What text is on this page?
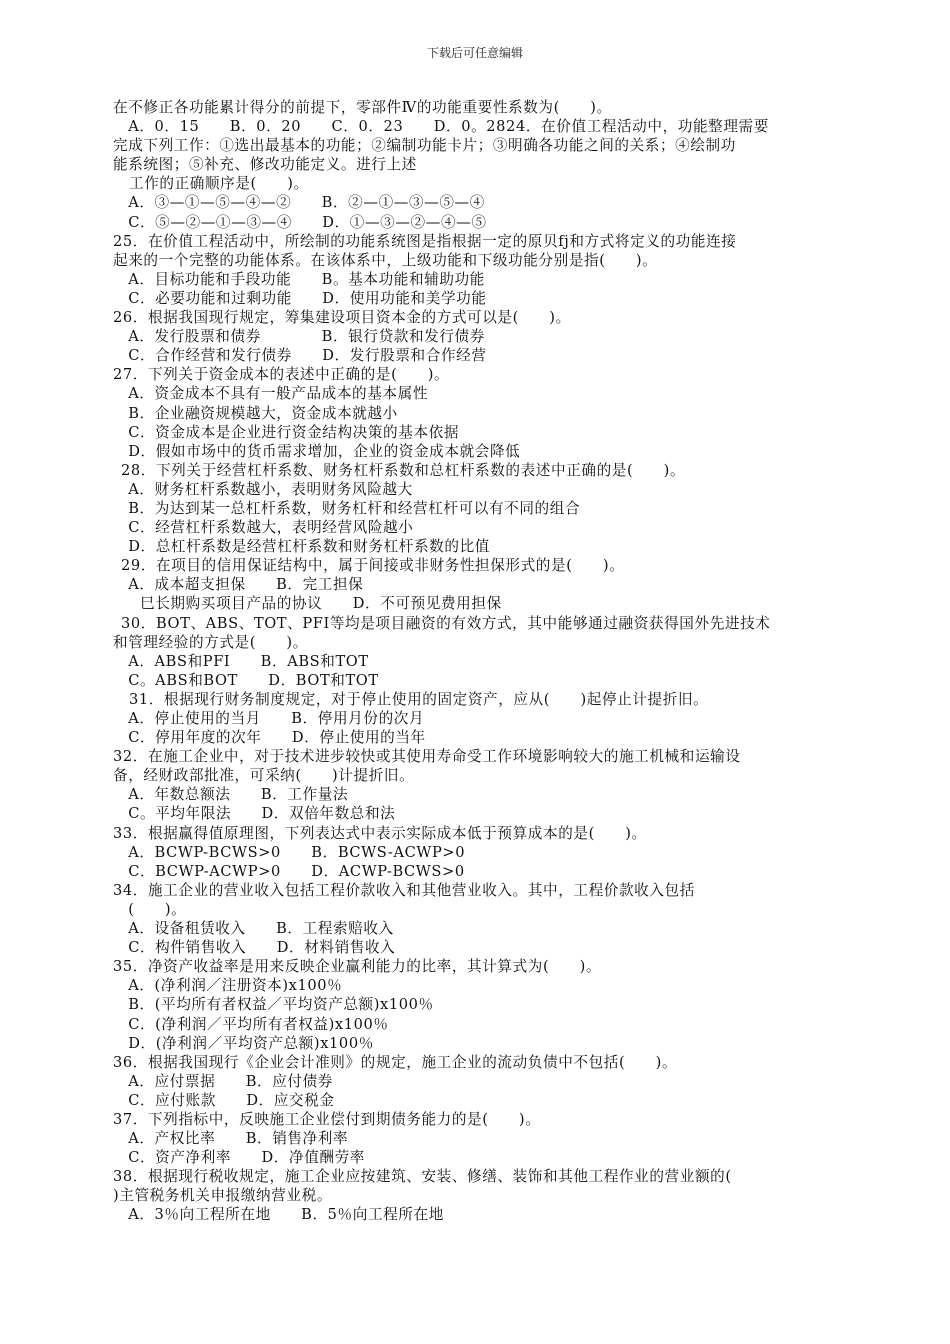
下载后可任意编辑
在不修正各功能累计得分的前提下，零部件Ⅳ的功能重要性系数为(　　)。
　A．0．15　　B．0．20　　C．0．23　　D．0。2824．在价值工程活动中，功能整理需要
完成下列工作：①选出最基本的功能；②编制功能卡片；③明确各功能之间的关系；④绘制功
能系统图；⑤补充、修改功能定义。进行上述
工作的正确顺序是(　　)。
　A．③—①—⑤—④—②　　B．②—①—③—⑤—④
　C．⑤—②—①—③—④　　D．①—③—②—④—⑤
25．在价值工程活动中，所绘制的功能系统图是指根据一定的原贝fj和方式将定义的功能连接
起来的一个完整的功能体系。在该体系中，上级功能和下级功能分别是指(　　)。
　A．目标功能和手段功能　　B。基本功能和辅助功能
　C．必要功能和过剩功能　　D．使用功能和美学功能
26．根据我国现行规定，筹集建设项目资本金的方式可以是(　　)。
　A．发行股票和债券　　　　B．银行贷款和发行债券
　C．合作经营和发行债券　　D．发行股票和合作经营
27．下列关于资金成本的表述中正确的是(　　)。
　A．资金成本不具有一般产品成本的基本属性
　B．企业融资规模越大，资金成本就越小
　C．资金成本是企业进行资金结构决策的基本依据
　D．假如市场中的货币需求增加，企业的资金成本就会降低
28．下列关于经营杠杆系数、财务杠杆系数和总杠杆系数的表述中正确的是(　　)。
　A．财务杠杆系数越小，表明财务风险越大
　B．为达到某一总杠杆系数，财务杠杆和经营杠杆可以有不同的组合
　C．经营杠杆系数越大，表明经营风险越小
　D．总杠杆系数是经营杠杆系数和财务杠杆系数的比值
29．在项目的信用保证结构中，属于间接或非财务性担保形式的是(　　)。
　A．成本超支担保　　B．完工担保
巳长期购买项目产品的协议　　D．不可预见费用担保
30．BOT、ABS、TOT、PFI等均是项目融资的有效方式，其中能够通过融资获得国外先进技术
和管理经验的方式是(　　)。
　A．ABS和PFI　　B．ABS和TOT
　C。ABS和BOT　　D．BOT和TOT
31．根据现行财务制度规定，对于停止使用的固定资产，应从(　　)起停止计提折旧。
　A．停止使用的当月　　B．停用月份的次月
　C．停用年度的次年　　D．停止使用的当年
32．在施工企业中，对于技术进步较快或其使用寿命受工作环境影响较大的施工机械和运输设
备，经财政部批准，可采纳(　　)计提折旧。
　A．年数总额法　　B．工作量法
　C。平均年限法　　D．双倍年数总和法
33．根据赢得值原理图，下列表达式中表示实际成本低于预算成本的是(　　)。
　A．BCWP-BCWS>0　　B．BCWS-ACWP>0
　C．BCWP-ACWP>0　　D．ACWP-BCWS>0
34．施工企业的营业收入包括工程价款收入和其他营业收入。其中，工程价款收入包括
　(　　)。
　A．设备租赁收入　　B．工程索赔收入
　C．构件销售收入　　D．材料销售收入
35．净资产收益率是用来反映企业赢利能力的比率，其计算式为(　　)。
　A．(净利润／注册资本)x100％
　B．(平均所有者权益／平均资产总额)x100％
　C．(净利润／平均所有者权益)x100％
　D．(净利润／平均资产总额)x100％
36．根据我国现行《企业会计准则》的规定，施工企业的流动负债中不包括(　　)。
　A．应付票据　　B．应付债券
　C．应付账款　　D．应交税金
37．下列指标中，反映施工企业偿付到期债务能力的是(　　)。
　A．产权比率　　B．销售净利率
　C．资产净利率　　D．净值酬劳率
38．根据现行税收规定，施工企业应按建筑、安装、修缮、装饰和其他工程作业的营业额的(
)主管税务机关申报缴纳营业税。
　A．3％向工程所在地　　B．5％向工程所在地
